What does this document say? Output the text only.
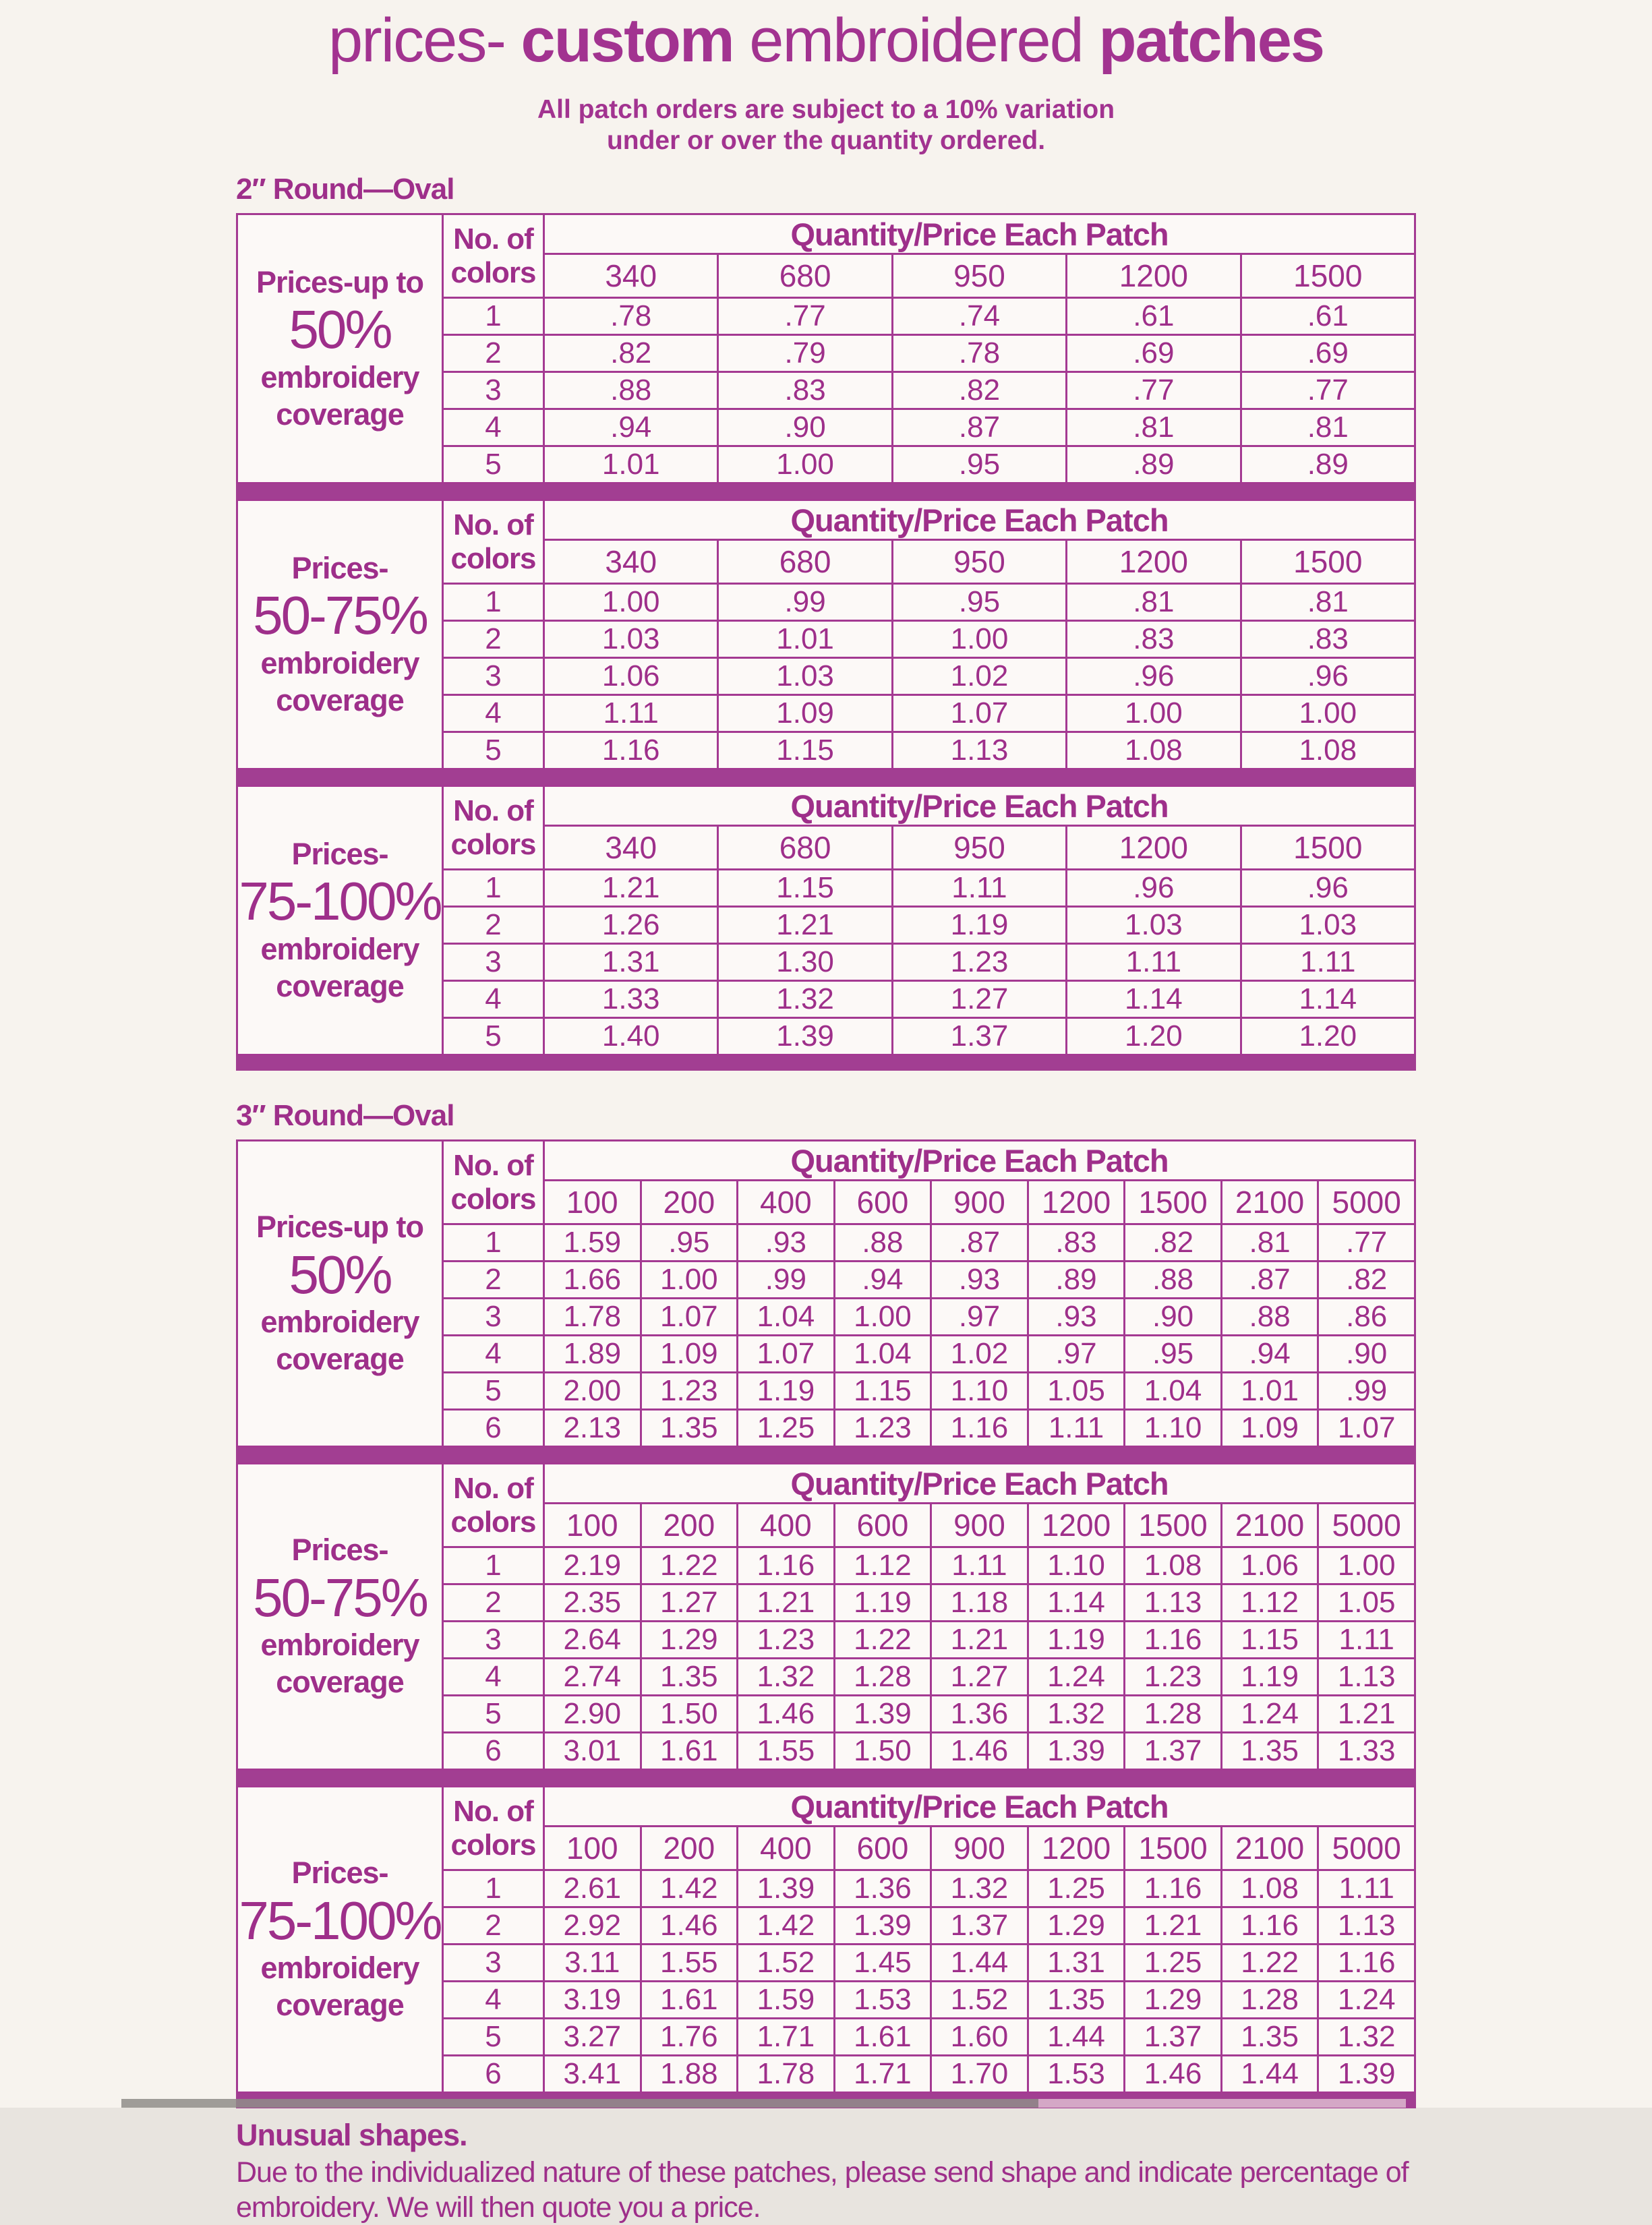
prices- custom embroidered patches
All patch orders are subject to a 10% variation
under or over the quantity ordered.
2″ Round—Oval
Prices-up to
50%
embroidery
coverage

No. of
colors
	Quantity/Price Each Patch
		340	680	950	1200	1500
	1	.78	.77	.74	.61	.61
	2	.82	.79	.78	.69	.69
	3	.88	.83	.82	.77	.77
	4	.94	.90	.87	.81	.81
	5	1.01	1.00	.95	.89	.89
Prices-
50-75%
embroidery
coverage

No. of
colors
	Quantity/Price Each Patch
		340	680	950	1200	1500
	1	1.00	.99	.95	.81	.81
	2	1.03	1.01	1.00	.83	.83
	3	1.06	1.03	1.02	.96	.96
	4	1.11	1.09	1.07	1.00	1.00
	5	1.16	1.15	1.13	1.08	1.08
Prices-
75-100%
embroidery
coverage

No. of
colors
	Quantity/Price Each Patch
		340	680	950	1200	1500
	1	1.21	1.15	1.11	.96	.96
	2	1.26	1.21	1.19	1.03	1.03
	3	1.31	1.30	1.23	1.11	1.11
	4	1.33	1.32	1.27	1.14	1.14
	5	1.40	1.39	1.37	1.20	1.20
3″ Round—Oval
Prices-up to
50%
embroidery
coverage

No. of
colors
	Quantity/Price Each Patch
		100	200	400	600	900	1200	1500	2100	5000
	1	1.59	.95	.93	.88	.87	.83	.82	.81	.77
	2	1.66	1.00	.99	.94	.93	.89	.88	.87	.82
	3	1.78	1.07	1.04	1.00	.97	.93	.90	.88	.86
	4	1.89	1.09	1.07	1.04	1.02	.97	.95	.94	.90
	5	2.00	1.23	1.19	1.15	1.10	1.05	1.04	1.01	.99
	6	2.13	1.35	1.25	1.23	1.16	1.11	1.10	1.09	1.07
Prices-
50-75%
embroidery
coverage

No. of
colors
	Quantity/Price Each Patch
		100	200	400	600	900	1200	1500	2100	5000
	1	2.19	1.22	1.16	1.12	1.11	1.10	1.08	1.06	1.00
	2	2.35	1.27	1.21	1.19	1.18	1.14	1.13	1.12	1.05
	3	2.64	1.29	1.23	1.22	1.21	1.19	1.16	1.15	1.11
	4	2.74	1.35	1.32	1.28	1.27	1.24	1.23	1.19	1.13
	5	2.90	1.50	1.46	1.39	1.36	1.32	1.28	1.24	1.21
	6	3.01	1.61	1.55	1.50	1.46	1.39	1.37	1.35	1.33
Prices-
75-100%
embroidery
coverage

No. of
colors
	Quantity/Price Each Patch
		100	200	400	600	900	1200	1500	2100	5000
	1	2.61	1.42	1.39	1.36	1.32	1.25	1.16	1.08	1.11
	2	2.92	1.46	1.42	1.39	1.37	1.29	1.21	1.16	1.13
	3	3.11	1.55	1.52	1.45	1.44	1.31	1.25	1.22	1.16
	4	3.19	1.61	1.59	1.53	1.52	1.35	1.29	1.28	1.24
	5	3.27	1.76	1.71	1.61	1.60	1.44	1.37	1.35	1.32
	6	3.41	1.88	1.78	1.71	1.70	1.53	1.46	1.44	1.39
Unusual shapes.
Due to the individualized nature of these patches, please send shape and indicate percentage of embroidery. We will then quote you a price.
